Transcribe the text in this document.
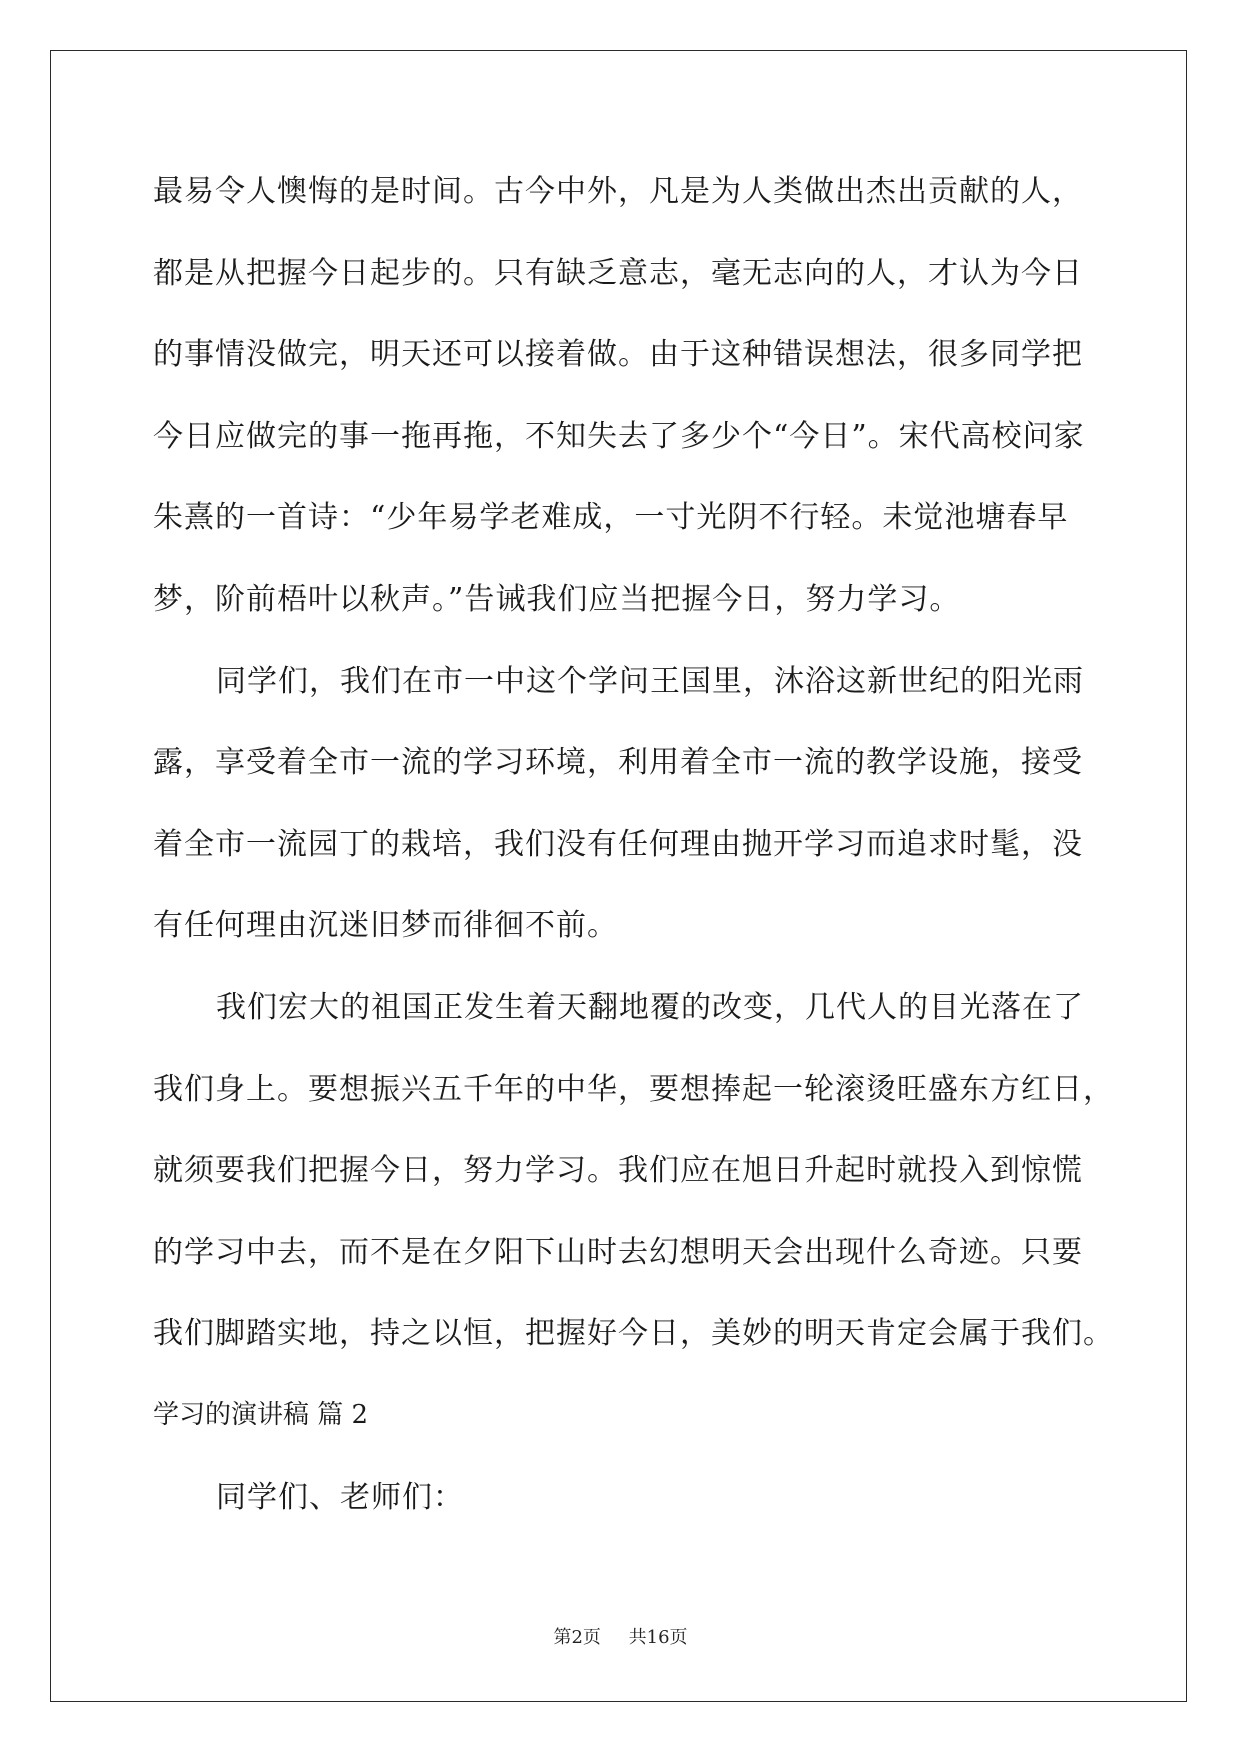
最易令人懊悔的是时间。古今中外，凡是为人类做出杰出贡献的人，
都是从把握今日起步的。只有缺乏意志，毫无志向的人，才认为今日
的事情没做完，明天还可以接着做。由于这种错误想法，很多同学把
今日应做完的事一拖再拖，不知失去了多少个“今日”。宋代高校问家
朱熹的一首诗：“少年易学老难成，一寸光阴不行轻。未觉池塘春早
梦，阶前梧叶以秋声。”告诫我们应当把握今日，努力学习。
同学们，我们在市一中这个学问王国里，沐浴这新世纪的阳光雨
露，享受着全市一流的学习环境，利用着全市一流的教学设施，接受
着全市一流园丁的栽培，我们没有任何理由抛开学习而追求时髦，没
有任何理由沉迷旧梦而徘徊不前。
我们宏大的祖国正发生着天翻地覆的改变，几代人的目光落在了
我们身上。要想振兴五千年的中华，要想捧起一轮滚烫旺盛东方红日，
就须要我们把握今日，努力学习。我们应在旭日升起时就投入到惊慌
的学习中去，而不是在夕阳下山时去幻想明天会出现什么奇迹。只要
我们脚踏实地，持之以恒，把握好今日，美妙的明天肯定会属于我们。
学习的演讲稿 篇 2
同学们、老师们：
第2页 共16页
